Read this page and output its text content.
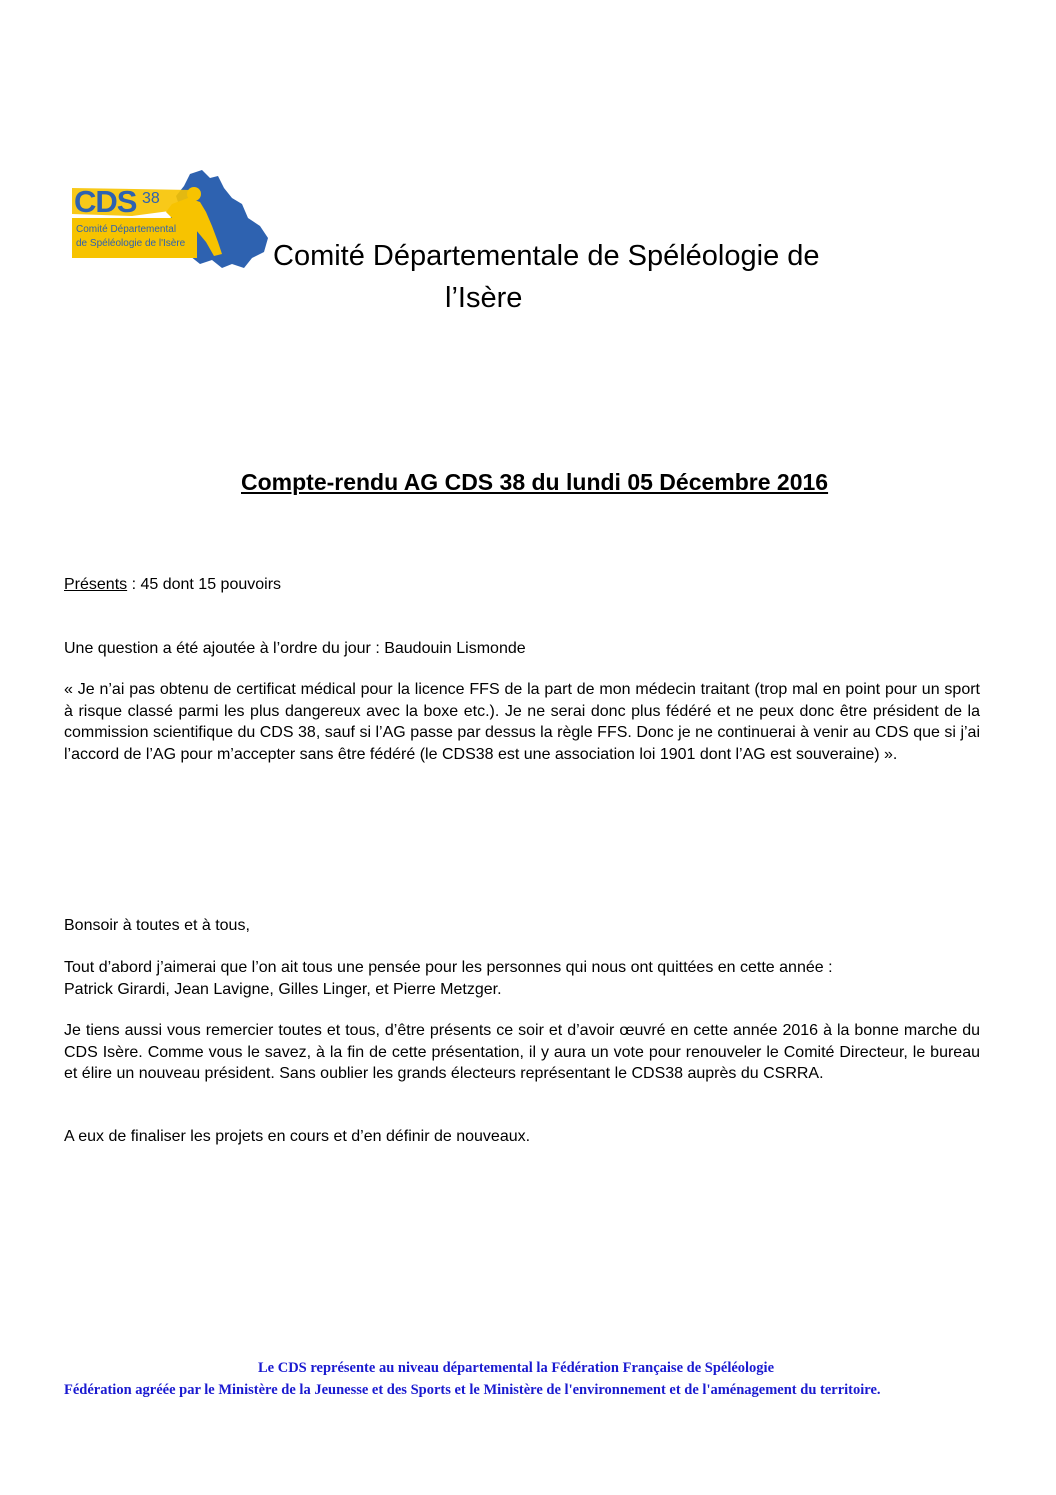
CDS 38
Comité Départemental
de Spéléologie de l'Isère	Comité Départementale de Spéléologie de
l’Isère
Compte-rendu AG CDS 38 du lundi 05 Décembre 2016
Présents : 45 dont 15 pouvoirs
Une question a été ajoutée à l’ordre du jour : Baudouin Lismonde
« Je n’ai pas obtenu de certificat médical pour la licence FFS de la part de mon médecin traitant (trop mal en point pour un sport à risque classé parmi les plus dangereux avec la boxe etc.). Je ne serai donc plus fédéré et ne peux donc être président de la commission scientifique du CDS 38, sauf si l’AG passe par dessus la règle FFS. Donc je ne continuerai à venir au CDS que si j’ai l’accord de l’AG pour m’accepter sans être fédéré (le CDS38 est une association loi 1901 dont l’AG est souveraine) ».
Bonsoir à toutes et à tous,
Tout d’abord j’aimerai que l’on ait tous une pensée pour les personnes qui nous ont quittées en cette année :
Patrick Girardi, Jean Lavigne, Gilles Linger, et Pierre Metzger.
Je tiens aussi vous remercier toutes et tous, d’être présents ce soir et d’avoir œuvré en cette année 2016 à la bonne marche du CDS Isère. Comme vous le savez, à la fin de cette présentation, il y aura un vote pour renouveler le Comité Directeur, le bureau et élire un nouveau président. Sans oublier les grands électeurs représentant le CDS38 auprès du CSRRA.
A eux de finaliser les projets en cours et d’en définir de nouveaux.
Le CDS représente au niveau départemental la Fédération Française de Spéléologie
Fédération agréée par le Ministère de la Jeunesse et des Sports et le Ministère de l'environnement et de l'aménagement du territoire.
